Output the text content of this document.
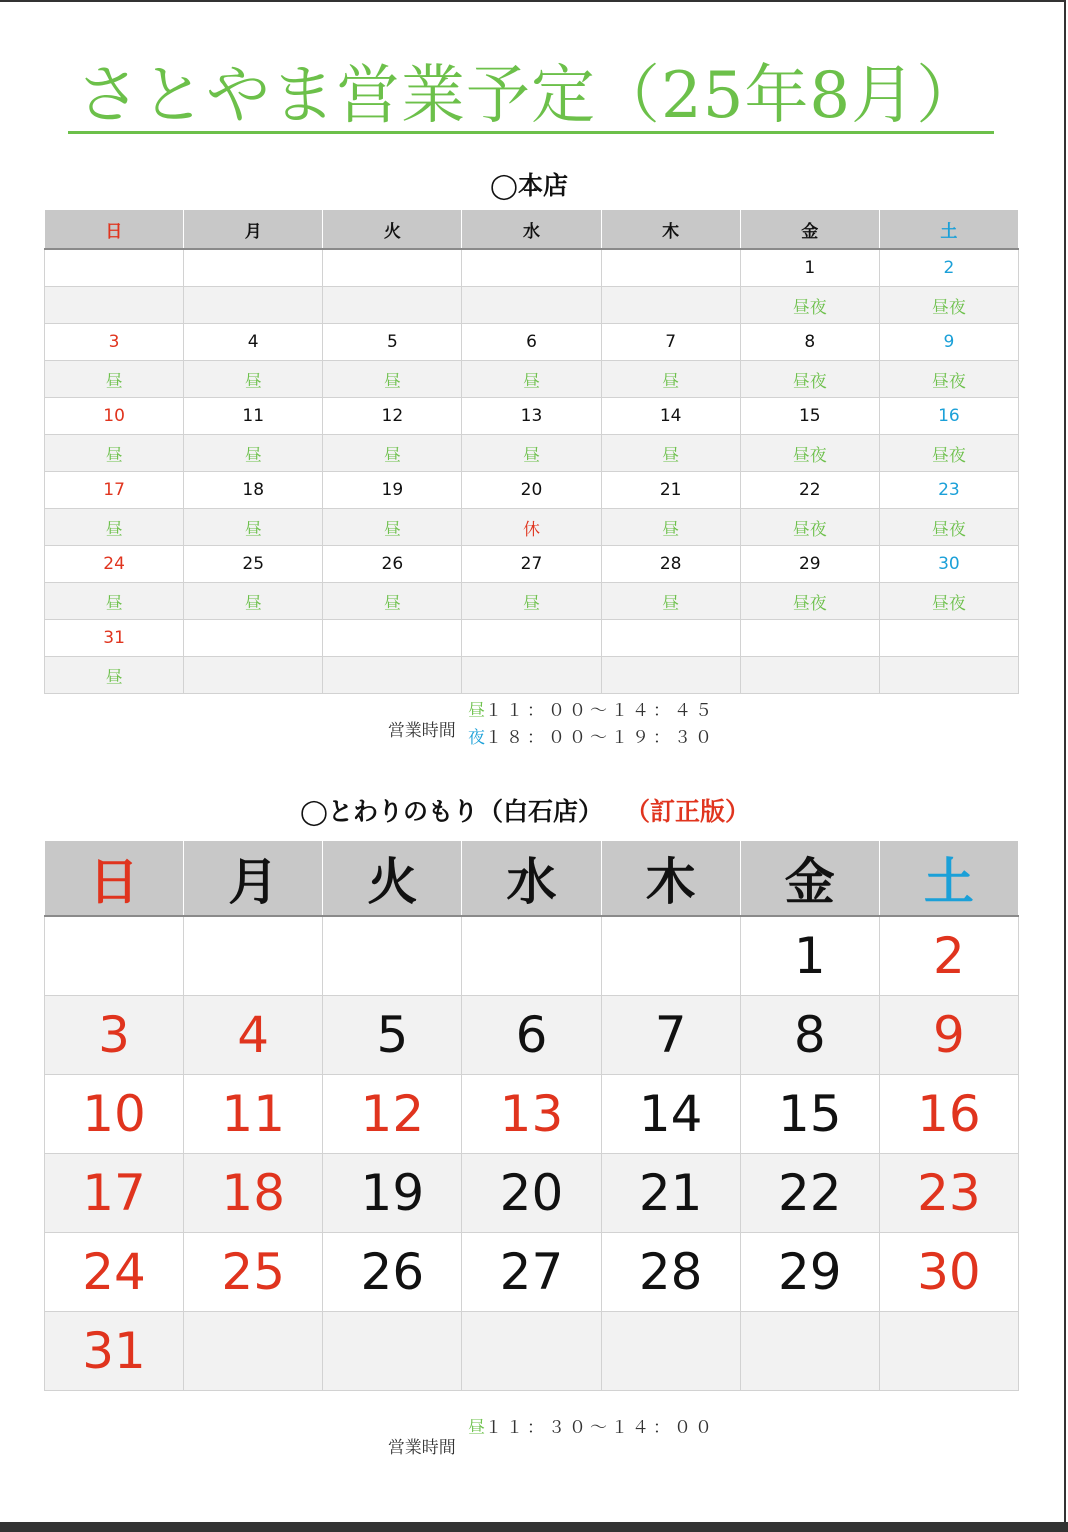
さとやま営業予定（25年8月）
◯本店
日	月	火	水	木	金	土
					1	2
					昼夜	昼夜
3	4	5	6	7	8	9
昼	昼	昼	昼	昼	昼夜	昼夜
10	11	12	13	14	15	16
昼	昼	昼	昼	昼	昼夜	昼夜
17	18	19	20	21	22	23
昼	昼	昼	休	昼	昼夜	昼夜
24	25	26	27	28	29	30
昼	昼	昼	昼	昼	昼夜	昼夜
31						
昼						

営業時間

昼１１：００～１４：４５
夜１８：００～１９：３０
◯とわりのもり（白石店） （訂正版）
日	月	火	水	木	金	土
					1	2
3	4	5	6	7	8	9
10	11	12	13	14	15	16
17	18	19	20	21	22	23
24	25	26	27	28	29	30
31						

営業時間

昼１１：３０～１４：００
